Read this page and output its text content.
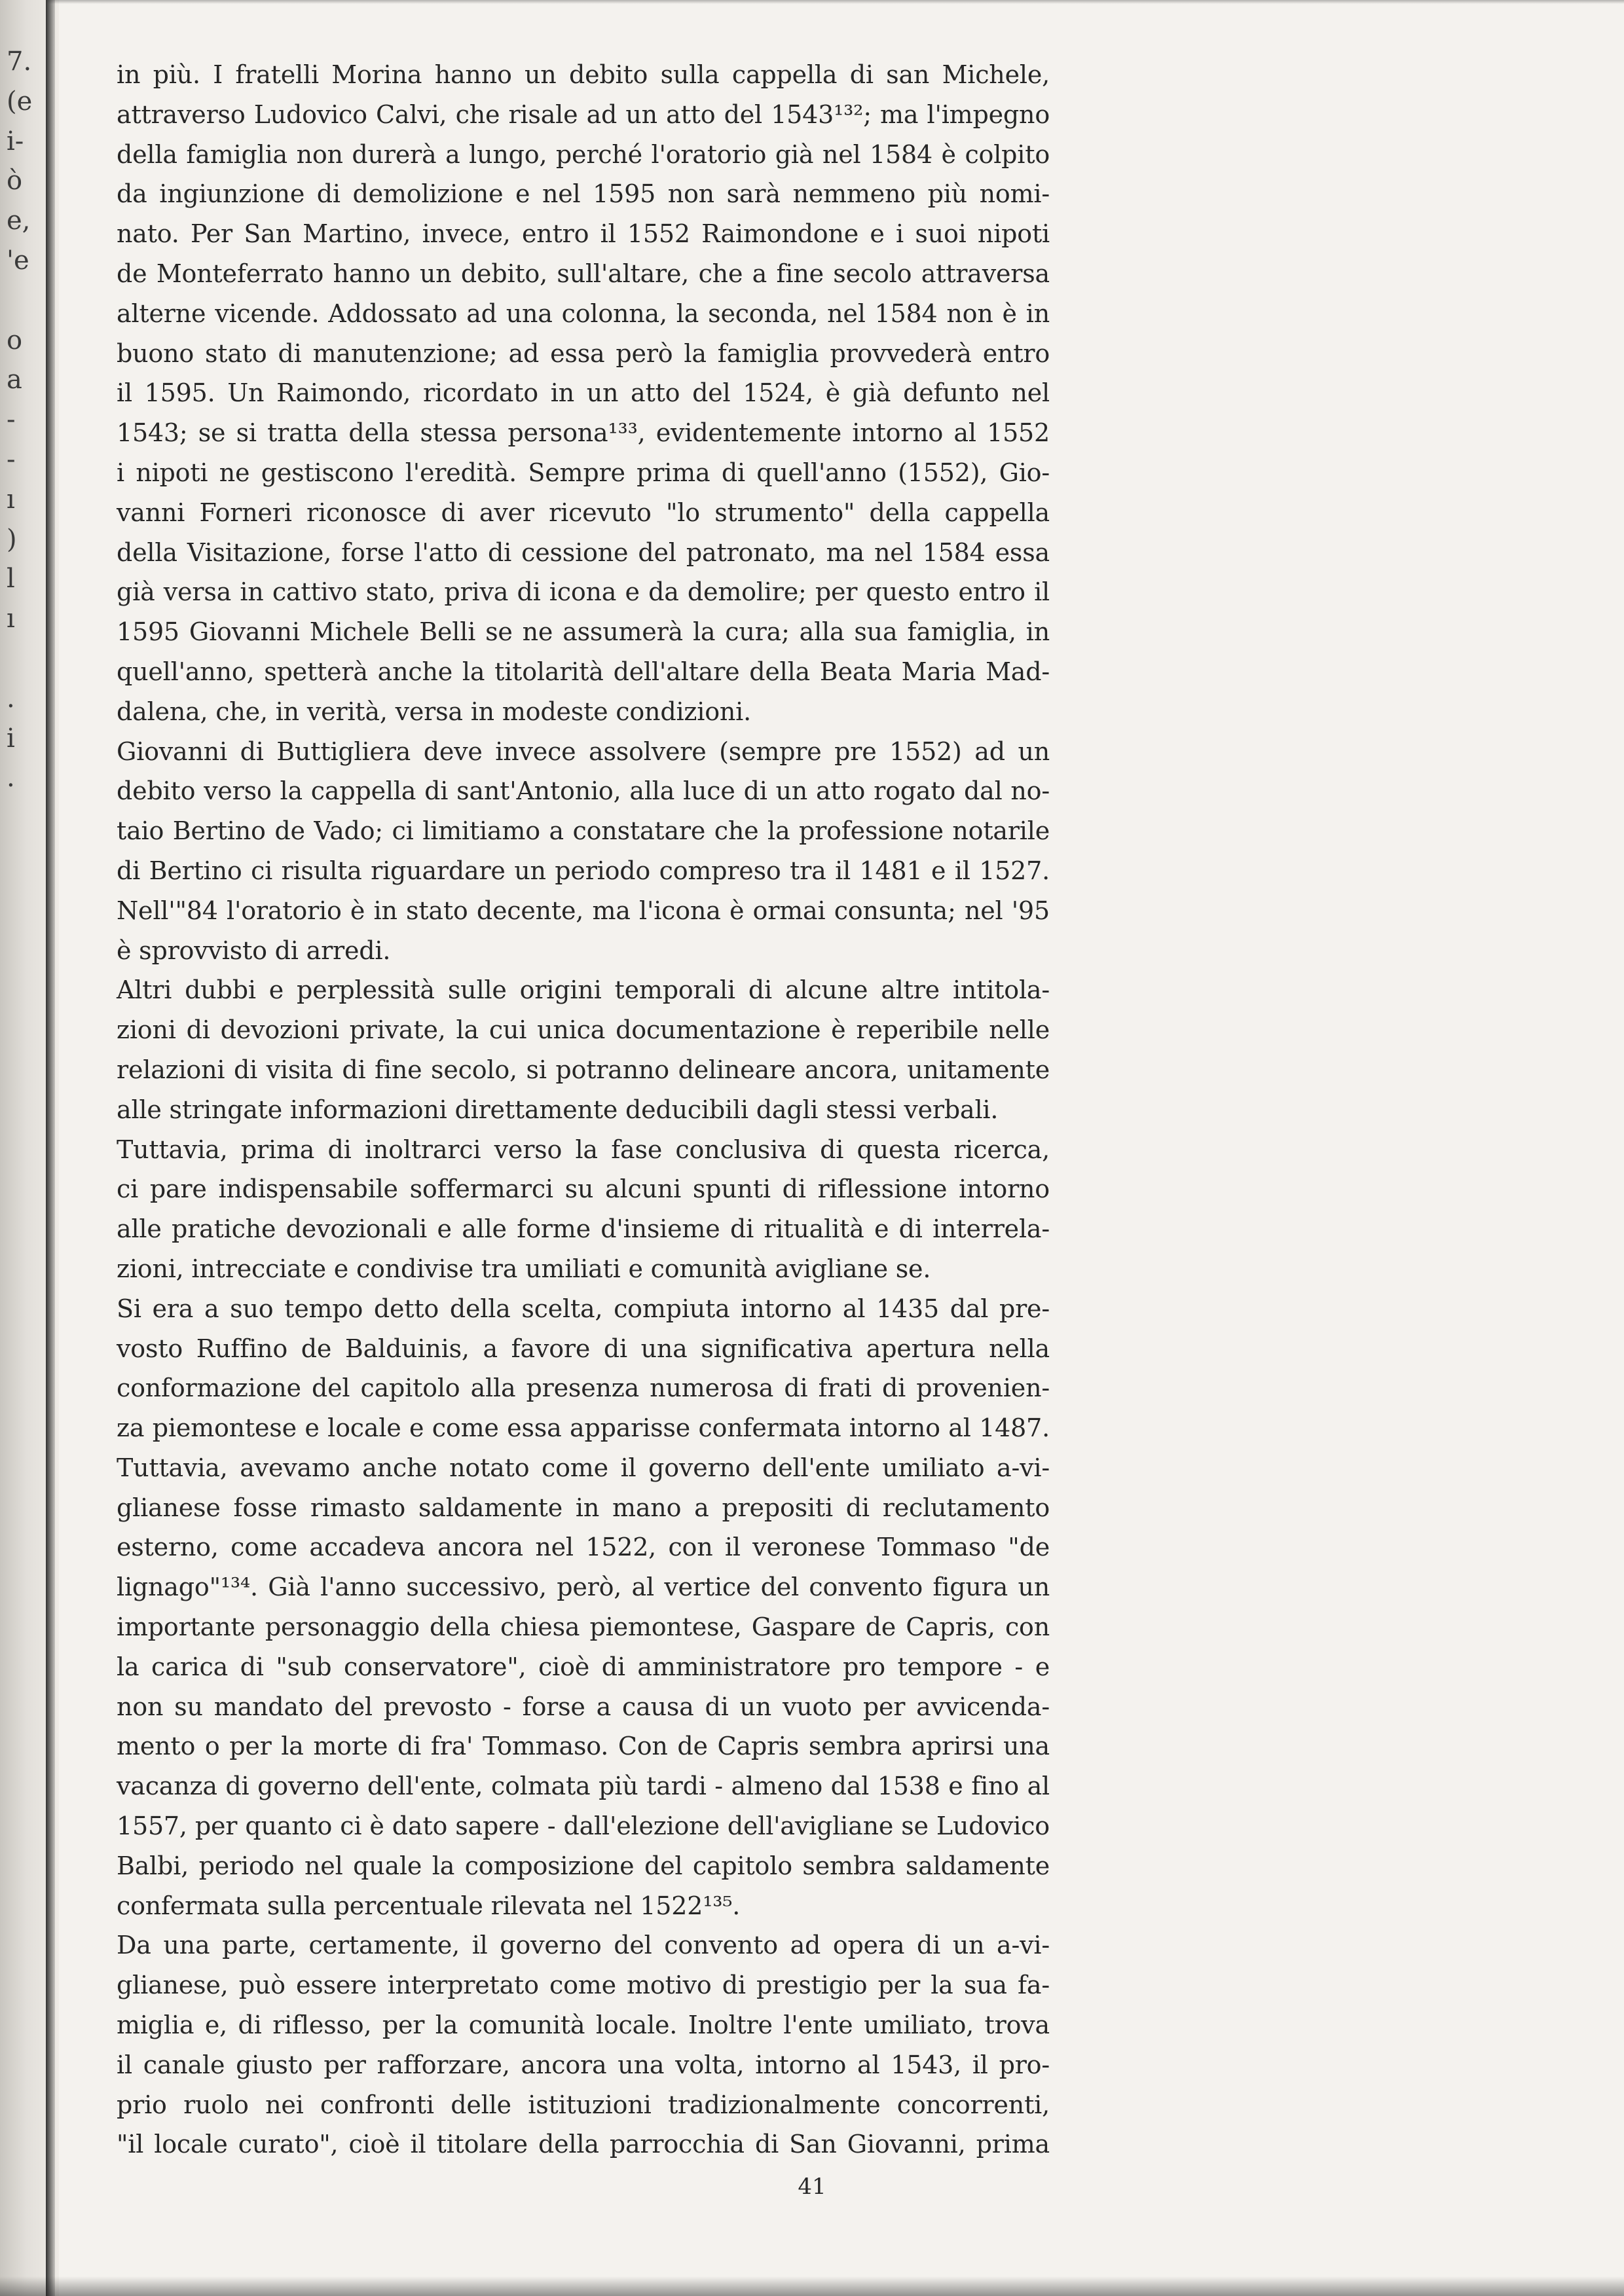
7.
(e
i-
ò
e,
'e
o
a
-
-
ı
)
l
ı
.
i
.
in più. I fratelli Morina hanno un debito sulla cappella di san Michele,
attraverso Ludovico Calvi, che risale ad un atto del 1543¹³²; ma l'impegno
della famiglia non durerà a lungo, perché l'oratorio già nel 1584 è colpito
da ingiunzione di demolizione e nel 1595 non sarà nemmeno più nomi-
nato. Per San Martino, invece, entro il 1552 Raimondone e i suoi nipoti
de Monteferrato hanno un debito, sull'altare, che a fine secolo attraversa
alterne vicende. Addossato ad una colonna, la seconda, nel 1584 non è in
buono stato di manutenzione; ad essa però la famiglia provvederà entro
il 1595. Un Raimondo, ricordato in un atto del 1524, è già defunto nel
1543; se si tratta della stessa persona¹³³, evidentemente intorno al 1552
i nipoti ne gestiscono l'eredità. Sempre prima di quell'anno (1552), Gio-
vanni Forneri riconosce di aver ricevuto "lo strumento" della cappella
della Visitazione, forse l'atto di cessione del patronato, ma nel 1584 essa
già versa in cattivo stato, priva di icona e da demolire; per questo entro il
1595 Giovanni Michele Belli se ne assumerà la cura; alla sua famiglia, in
quell'anno, spetterà anche la titolarità dell'altare della Beata Maria Mad-
dalena, che, in verità, versa in modeste condizioni.
Giovanni di Buttigliera deve invece assolvere (sempre pre 1552) ad un
debito verso la cappella di sant'Antonio, alla luce di un atto rogato dal no-
taio Bertino de Vado; ci limitiamo a constatare che la professione notarile
di Bertino ci risulta riguardare un periodo compreso tra il 1481 e il 1527.
Nell'"84 l'oratorio è in stato decente, ma l'icona è ormai consunta; nel '95
è sprovvisto di arredi.
Altri dubbi e perplessità sulle origini temporali di alcune altre intitola-
zioni di devozioni private, la cui unica documentazione è reperibile nelle
relazioni di visita di fine secolo, si potranno delineare ancora, unitamente
alle stringate informazioni direttamente deducibili dagli stessi verbali.
Tuttavia, prima di inoltrarci verso la fase conclusiva di questa ricerca,
ci pare indispensabile soffermarci su alcuni spunti di riflessione intorno
alle pratiche devozionali e alle forme d'insieme di ritualità e di interrela-
zioni, intrecciate e condivise tra umiliati e comunità avigliane se.
Si era a suo tempo detto della scelta, compiuta intorno al 1435 dal pre-
vosto Ruffino de Balduinis, a favore di una significativa apertura nella
conformazione del capitolo alla presenza numerosa di frati di provenien-
za piemontese e locale e come essa apparisse confermata intorno al 1487.
Tuttavia, avevamo anche notato come il governo dell'ente umiliato a-vi-
glianese fosse rimasto saldamente in mano a prepositi di reclutamento
esterno, come accadeva ancora nel 1522, con il veronese Tommaso "de
lignago"¹³⁴. Già l'anno successivo, però, al vertice del convento figura un
importante personaggio della chiesa piemontese, Gaspare de Capris, con
la carica di "sub conservatore", cioè di amministratore pro tempore - e
non su mandato del prevosto - forse a causa di un vuoto per avvicenda-
mento o per la morte di fra' Tommaso. Con de Capris sembra aprirsi una
vacanza di governo dell'ente, colmata più tardi - almeno dal 1538 e fino al
1557, per quanto ci è dato sapere - dall'elezione dell'avigliane se Ludovico
Balbi, periodo nel quale la composizione del capitolo sembra saldamente
confermata sulla percentuale rilevata nel 1522¹³⁵.
Da una parte, certamente, il governo del convento ad opera di un a-vi-
glianese, può essere interpretato come motivo di prestigio per la sua fa-
miglia e, di riflesso, per la comunità locale. Inoltre l'ente umiliato, trova
il canale giusto per rafforzare, ancora una volta, intorno al 1543, il pro-
prio ruolo nei confronti delle istituzioni tradizionalmente concorrenti,
"il locale curato", cioè il titolare della parrocchia di San Giovanni, prima
41
